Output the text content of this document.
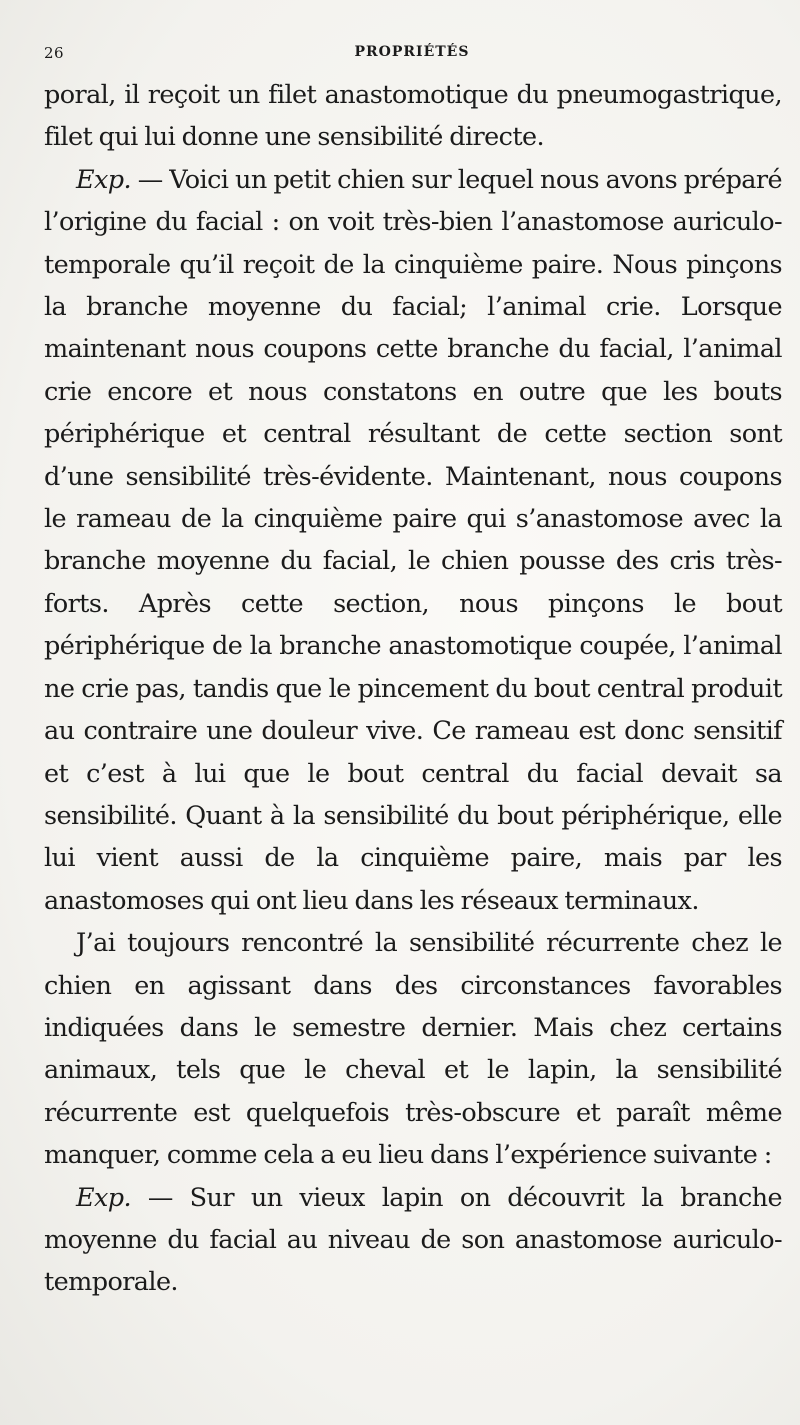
26	PROPRIÉTÉS

poral, il reçoit un filet anastomotique du pneumogastrique, filet qui lui donne une sensibilité directe.

Exp. — Voici un petit chien sur lequel nous avons préparé l’origine du facial : on voit très-bien l’anastomose auriculo-temporale qu’il reçoit de la cinquième paire. Nous pinçons la branche moyenne du facial; l’animal crie. Lorsque maintenant nous coupons cette branche du facial, l’animal crie encore et nous constatons en outre que les bouts périphérique et central résultant de cette section sont d’une sensibilité très-évidente. Maintenant, nous coupons le rameau de la cinquième paire qui s’anastomose avec la branche moyenne du facial, le chien pousse des cris très-forts. Après cette section, nous pinçons le bout périphérique de la branche anastomotique coupée, l’animal ne crie pas, tandis que le pincement du bout central produit au contraire une douleur vive. Ce rameau est donc sensitif et c’est à lui que le bout central du facial devait sa sensibilité. Quant à la sensibilité du bout périphérique, elle lui vient aussi de la cinquième paire, mais par les anastomoses qui ont lieu dans les réseaux terminaux.

J’ai toujours rencontré la sensibilité récurrente chez le chien en agissant dans des circonstances favorables indiquées dans le semestre dernier. Mais chez certains animaux, tels que le cheval et le lapin, la sensibilité récurrente est quelquefois très-obscure et paraît même manquer, comme cela a eu lieu dans l’expérience suivante :

Exp. — Sur un vieux lapin on découvrit la branche moyenne du facial au niveau de son anastomose auriculo-temporale.
